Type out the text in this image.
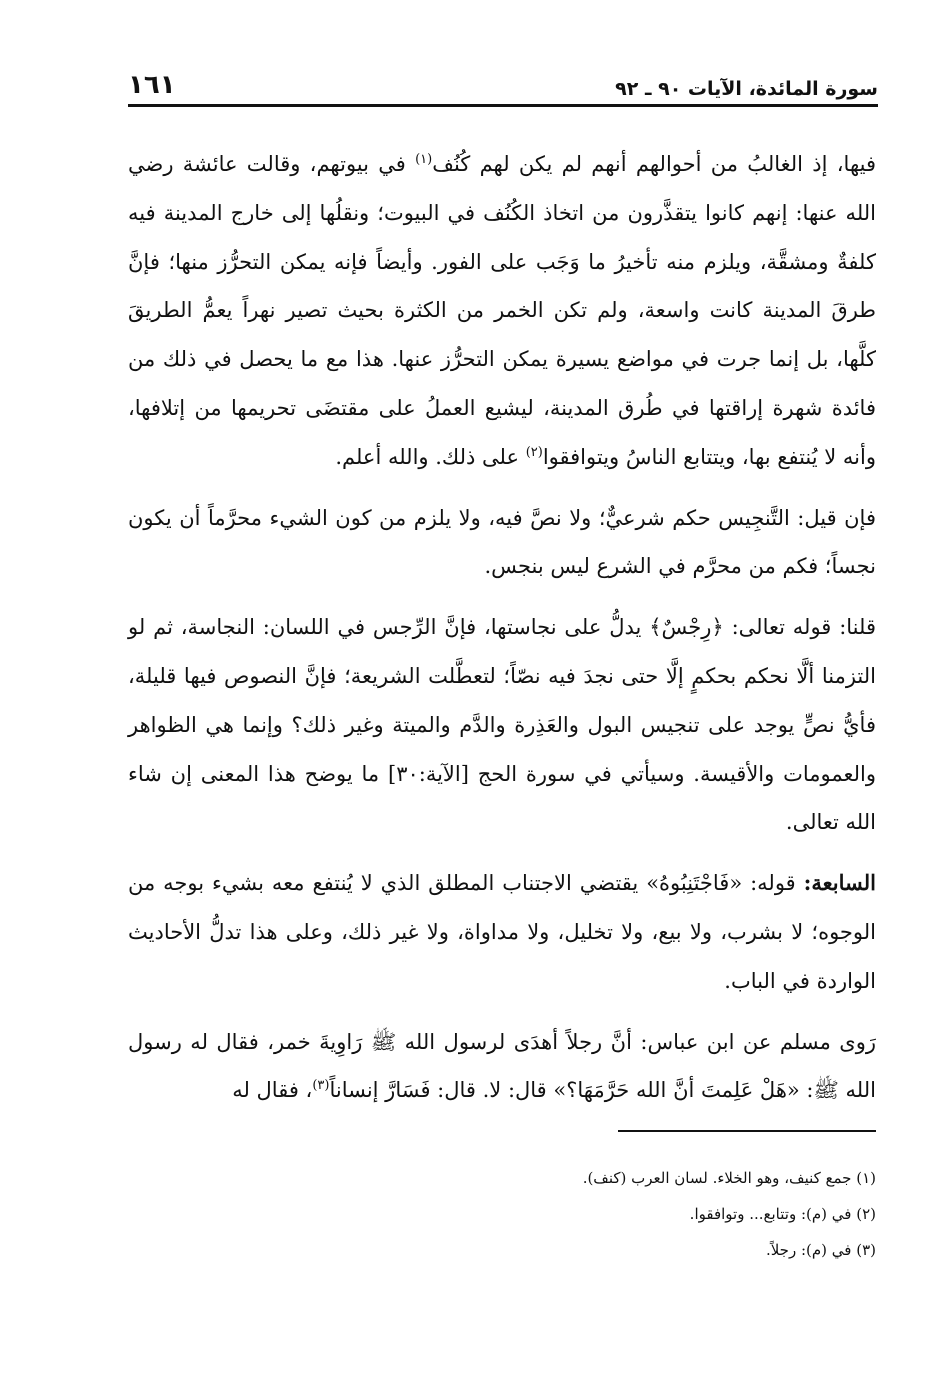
سورة المائدة، الآيات ٩٠ ـ ٩٢
١٦١

فيها، إذ الغالبُ من أحوالهم أنهم لم يكن لهم كُنُف$^{(١)}$ في بيوتهم، وقالت عائشة رضي الله عنها: إنهم كانوا يتقذَّرون من اتخاذ الكُنُف في البيوت؛ ونقلُها إلى خارج المدينة فيه كلفةٌ ومشقَّة، ويلزم منه تأخيرُ ما وَجَب على الفور. وأيضاً فإنه يمكن التحرُّز منها؛ فإنَّ طرقَ المدينة كانت واسعة، ولم تكن الخمر من الكثرة بحيث تصير نهراً يعمُّ الطريقَ كلَّها، بل إنما جرت في مواضع يسيرة يمكن التحرُّز عنها. هذا مع ما يحصل في ذلك من فائدة شهرة إراقتها في طُرق المدينة، ليشيع العملُ على مقتضَى تحريمها من إتلافها، وأنه لا يُنتفع بها، ويتتابع الناسُ ويتوافقوا$^{(٢)}$ على ذلك. والله أعلم.

فإن قيل: التَّنجِيس حكم شرعيٌّ؛ ولا نصَّ فيه، ولا يلزم من كون الشيء محرَّماً أن يكون نجساً؛ فكم من محرَّم في الشرع ليس بنجس.

قلنا: قوله تعالى: ﴿رِجْسٌ﴾ يدلُّ على نجاستها، فإنَّ الرِّجس في اللسان: النجاسة، ثم لو التزمنا ألَّا نحكم بحكمٍ إلَّا حتى نجدَ فيه نصّاً؛ لتعطَّلت الشريعة؛ فإنَّ النصوص فيها قليلة، فأيُّ نصٍّ يوجد على تنجيس البول والعَذِرة والدَّم والميتة وغير ذلك؟ وإنما هي الظواهر والعمومات والأقيسة. وسيأتي في سورة الحج [الآية:٣٠] ما يوضح هذا المعنى إن شاء الله تعالى.

السابعة: قوله: «فَاجْتَنِبُوهُ» يقتضي الاجتناب المطلق الذي لا يُنتفع معه بشيء بوجه من الوجوه؛ لا بشرب، ولا بيع، ولا تخليل، ولا مداواة، ولا غير ذلك، وعلى هذا تدلُّ الأحاديث الواردة في الباب.

رَوى مسلم عن ابن عباس: أنَّ رجلاً أهدَى لرسول الله ﷺ رَاوِيةَ خمر، فقال له رسول الله ﷺ: «هَلْ عَلِمتَ أنَّ الله حَرَّمَهَا؟» قال: لا. قال: فَسَارَّ إنساناً$^{(٣)}$، فقال له

(١) جمع كنيف، وهو الخلاء. لسان العرب (كنف).
(٢) في (م): وتتابع... وتوافقوا.
(٣) في (م): رجلاً.
